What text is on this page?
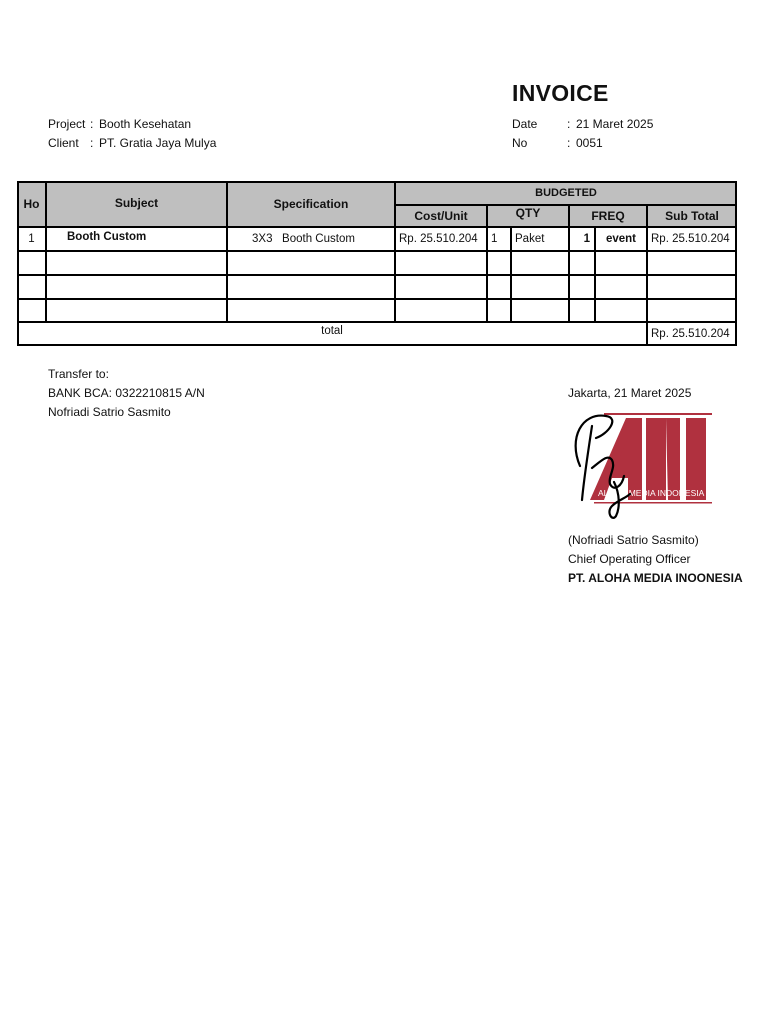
INVOICE
Project : Booth Kesehatan
Client : PT. Gratia Jaya Mulya
Date	: 21 Maret 2025
No	: 0051
Ho	Subject	Specification
BUDGETED
Cost/Unit	QTY	FREQ	Sub Total
1	Booth Custom	3X3   Booth Custom	Rp. 25.510.204	1	Paket	1	event	Rp. 25.510.204
total	Rp. 25.510.204
Transfer to:
BANK BCA: 0322210815 A/N
Nofriadi Satrio Sasmito
Jakarta, 21 Maret 2025
ALOHA MEDIA INDONESIA
(Nofriadi Satrio Sasmito)
Chief Operating Officer
PT. ALOHA MEDIA INOONESIA
